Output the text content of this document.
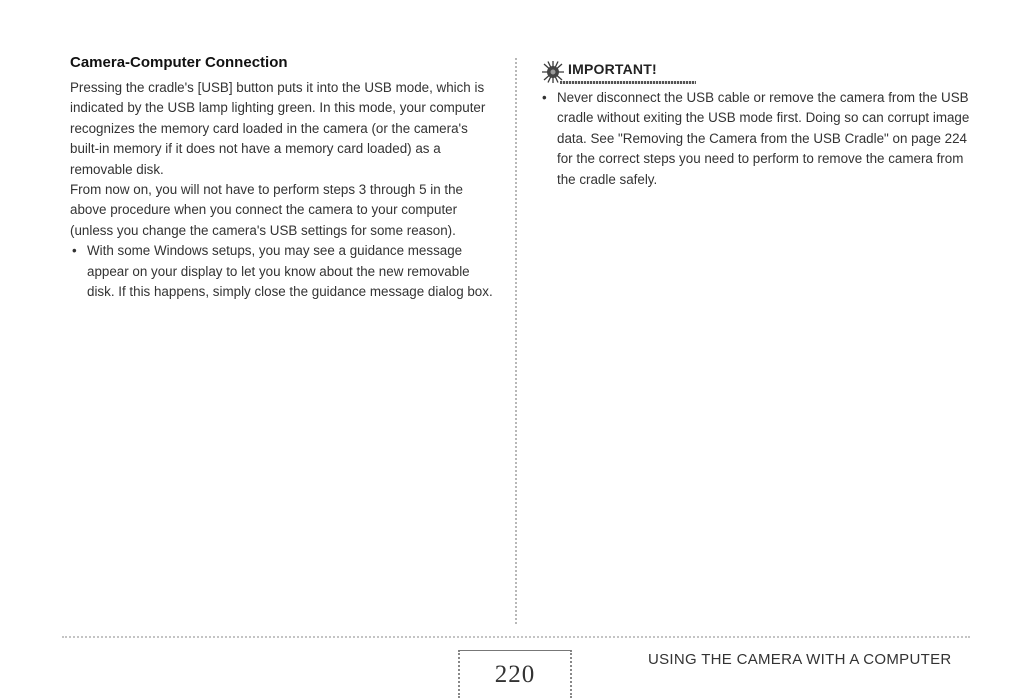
Camera-Computer Connection

Pressing the cradle's [USB] button puts it into the USB mode, which is indicated by the USB lamp lighting green. In this mode, your computer recognizes the memory card loaded in the camera (or the camera's built-in memory if it does not have a memory card loaded) as a removable disk.

From now on, you will not have to perform steps 3 through 5 in the above procedure when you connect the camera to your computer (unless you change the camera's USB settings for some reason).

• With some Windows setups, you may see a guidance message appear on your display to let you know about the new removable disk. If this happens, simply close the guidance message dialog box.

IMPORTANT!

• Never disconnect the USB cable or remove the camera from the USB cradle without exiting the USB mode first. Doing so can corrupt image data. See "Removing the Camera from the USB Cradle" on page 224 for the correct steps you need to perform to remove the camera from the cradle safely.

220
USING THE CAMERA WITH A COMPUTER
